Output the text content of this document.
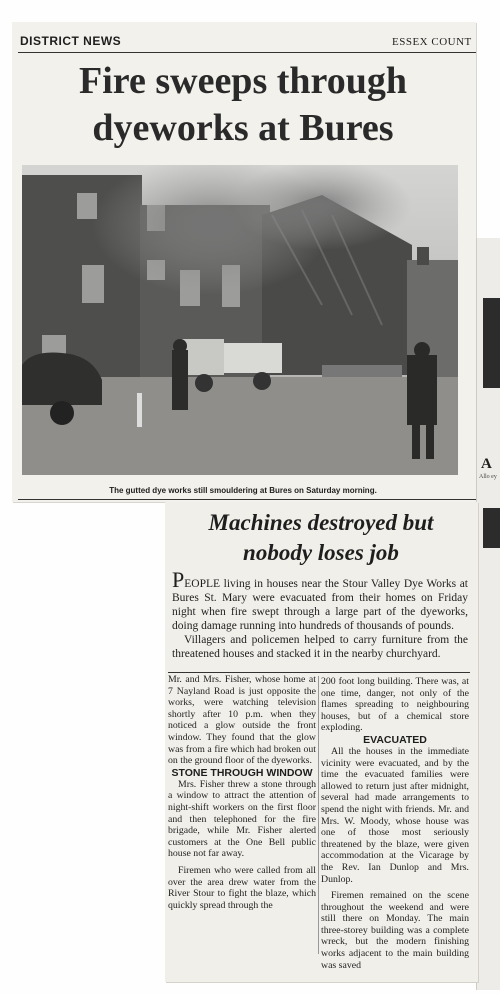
DISTRICT NEWS	ESSEX COUNT
Fire sweeps through
dyeworks at Bures
The gutted dye works still smouldering at Bures on Saturday morning.
A
Allo ey
Machines destroyed but
nobody loses job

PEOPLE living in houses near the Stour Valley Dye Works at Bures St. Mary were evacuated from their homes on Friday night when fire swept through a large part of the dyeworks, doing damage running into hundreds of thousands of pounds.

Villagers and policemen helped to carry furniture from the threatened houses and stacked it in the nearby churchyard.

Mr. and Mrs. Fisher, whose home at 7 Nayland Road is just opposite the works, were watching television shortly after 10 p.m. when they noticed a glow outside the front window. They found that the glow was from a fire which had broken out on the ground floor of the dyeworks.

STONE THROUGH WINDOW

Mrs. Fisher threw a stone through a window to attract the attention of night-shift workers on the first floor and then telephoned for the fire brigade, while Mr. Fisher alerted customers at the One Bell public house not far away.

Firemen who were called from all over the area drew water from the River Stour to fight the blaze, which quickly spread through the

200 foot long building. There was, at one time, danger, not only of the flames spreading to neighbouring houses, but of a chemical store exploding.

EVACUATED

All the houses in the immediate vicinity were evacuated, and by the time the evacuated families were allowed to return just after midnight, several had made arrangements to spend the night with friends. Mr. and Mrs. W. Moody, whose house was one of those most seriously threatened by the blaze, were given accommodation at the Vicarage by the Rev. Ian Dunlop and Mrs. Dunlop.

Firemen remained on the scene throughout the weekend and were still there on Monday. The main three-storey building was a complete wreck, but the modern finishing works adjacent to the main building was saved
